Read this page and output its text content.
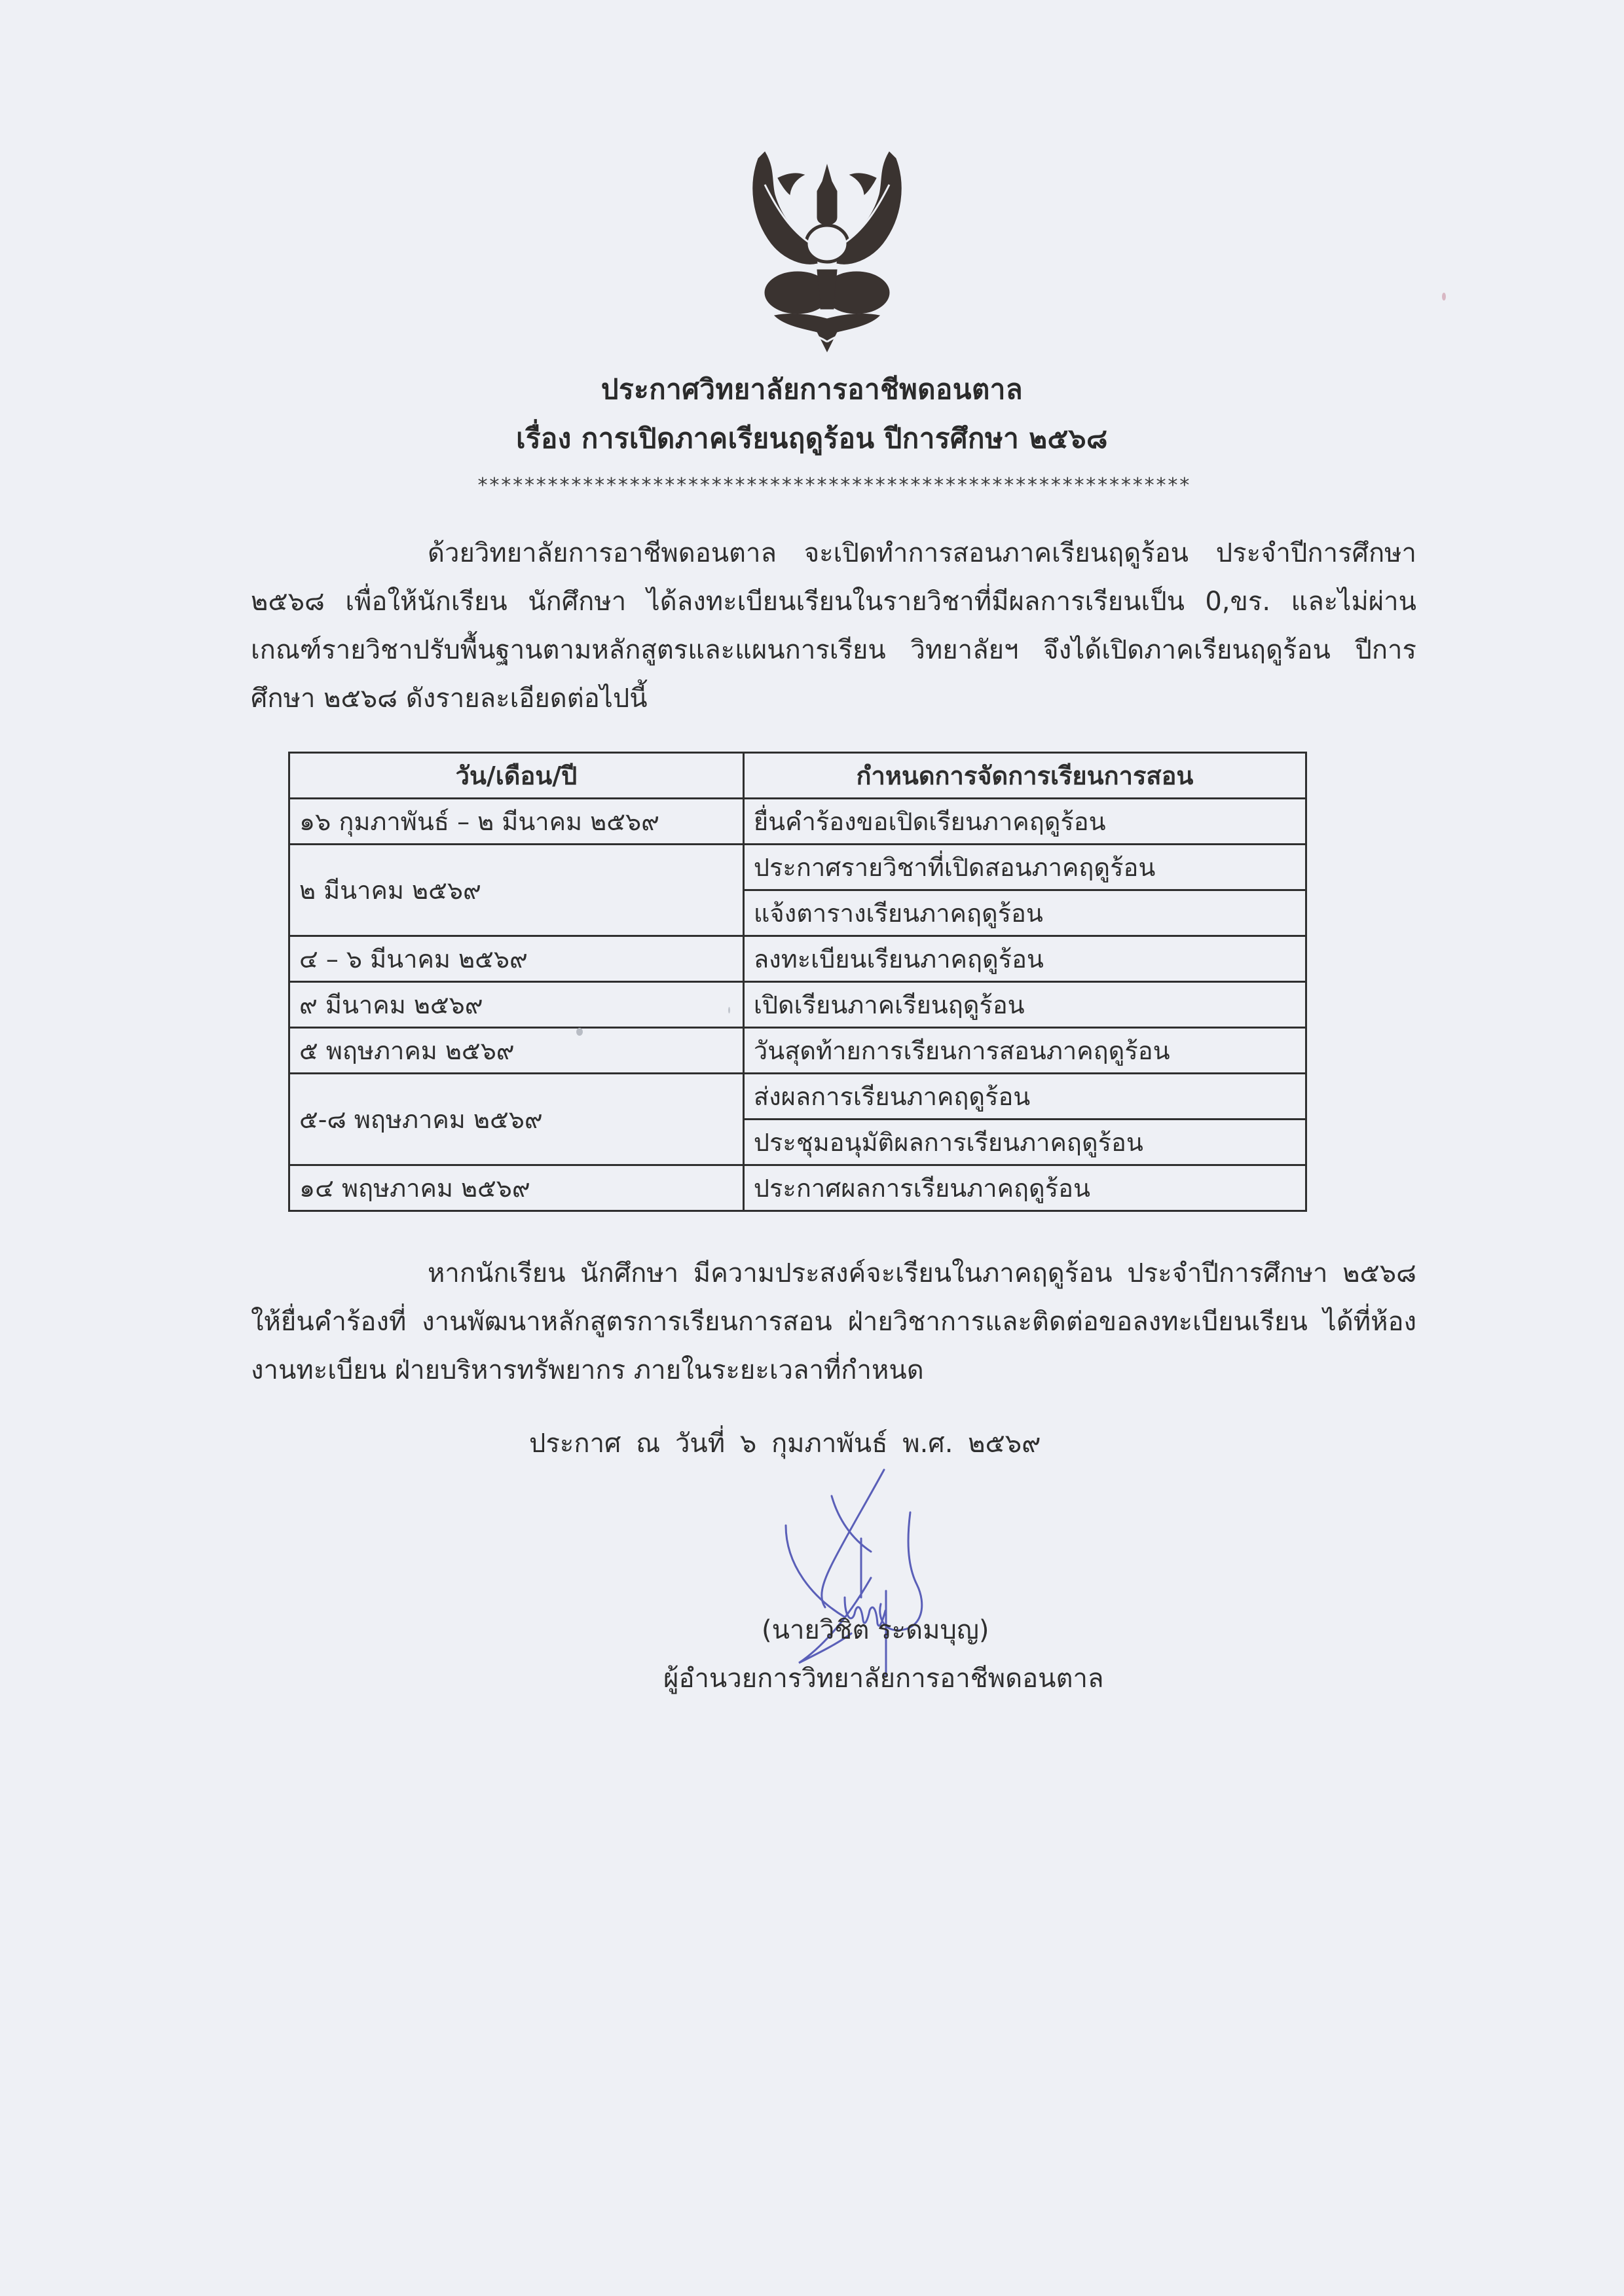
ประกาศวิทยาลัยการอาชีพดอนตาล
เรื่อง การเปิดภาคเรียนฤดูร้อน ปีการศึกษา ๒๕๖๘
*************************************************************
ด้วยวิทยาลัยการอาชีพดอนตาล จะเปิดทำการสอนภาคเรียนฤดูร้อน ประจำปีการศึกษา ๒๕๖๘ เพื่อให้นักเรียน นักศึกษา ได้ลงทะเบียนเรียนในรายวิชาที่มีผลการเรียนเป็น 0,ขร. และไม่ผ่านเกณฑ์รายวิชาปรับพื้นฐานตามหลักสูตรและแผนการเรียน วิทยาลัยฯ จึงได้เปิดภาคเรียนฤดูร้อน ปีการศึกษา ๒๕๖๘ ดังรายละเอียดต่อไปนี้
วัน/เดือน/ปี	กำหนดการจัดการเรียนการสอน
๑๖ กุมภาพันธ์ – ๒ มีนาคม ๒๕๖๙	ยื่นคำร้องขอเปิดเรียนภาคฤดูร้อน
๒ มีนาคม ๒๕๖๙	ประกาศรายวิชาที่เปิดสอนภาคฤดูร้อน
	แจ้งตารางเรียนภาคฤดูร้อน
๔ – ๖ มีนาคม ๒๕๖๙	ลงทะเบียนเรียนภาคฤดูร้อน
๙ มีนาคม ๒๕๖๙	เปิดเรียนภาคเรียนฤดูร้อน
๕ พฤษภาคม ๒๕๖๙	วันสุดท้ายการเรียนการสอนภาคฤดูร้อน
๕-๘ พฤษภาคม ๒๕๖๙	ส่งผลการเรียนภาคฤดูร้อน
	ประชุมอนุมัติผลการเรียนภาคฤดูร้อน
๑๔ พฤษภาคม ๒๕๖๙	ประกาศผลการเรียนภาคฤดูร้อน
หากนักเรียน นักศึกษา มีความประสงค์จะเรียนในภาคฤดูร้อน ประจำปีการศึกษา ๒๕๖๘ ให้ยื่นคำร้องที่ งานพัฒนาหลักสูตรการเรียนการสอน ฝ่ายวิชาการและติดต่อขอลงทะเบียนเรียน ได้ที่ห้องงานทะเบียน ฝ่ายบริหารทรัพยากร ภายในระยะเวลาที่กำหนด
ประกาศ ณ วันที่ ๖ กุมภาพันธ์ พ.ศ. ๒๕๖๙
(นายวิชิต ระดมบุญ)
ผู้อำนวยการวิทยาลัยการอาชีพดอนตาล
